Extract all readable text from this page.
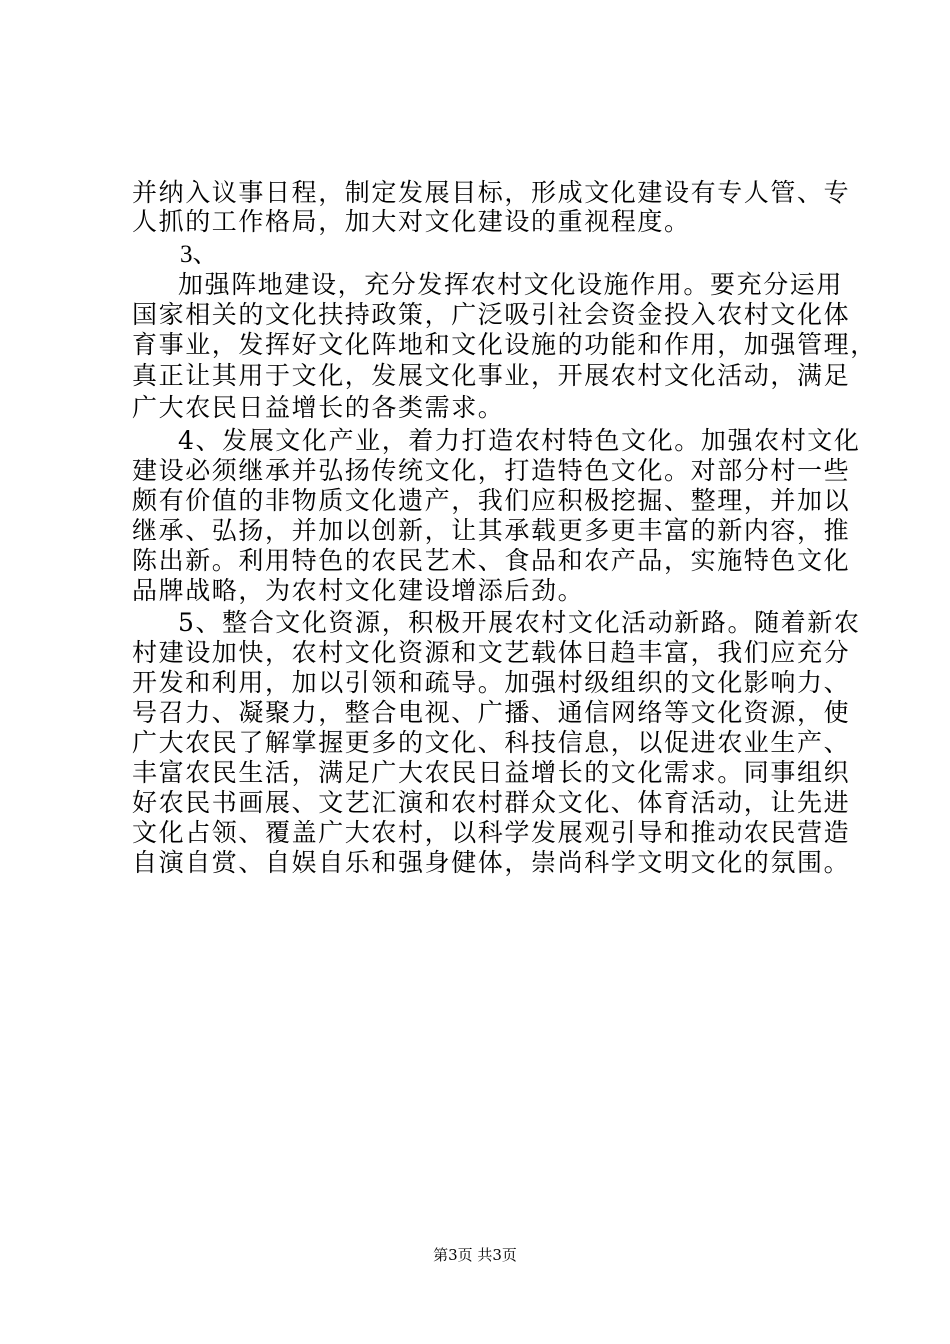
并纳入议事日程，制定发展目标，形成文化建设有专人管、专
人抓的工作格局，加大对文化建设的重视程度。
3、
加强阵地建设，充分发挥农村文化设施作用。要充分运用
国家相关的文化扶持政策，广泛吸引社会资金投入农村文化体
育事业，发挥好文化阵地和文化设施的功能和作用，加强管理，
真正让其用于文化，发展文化事业，开展农村文化活动，满足
广大农民日益增长的各类需求。
4、发展文化产业，着力打造农村特色文化。加强农村文化
建设必须继承并弘扬传统文化，打造特色文化。对部分村一些
颇有价值的非物质文化遗产，我们应积极挖掘、整理，并加以
继承、弘扬，并加以创新，让其承载更多更丰富的新内容，推
陈出新。利用特色的农民艺术、食品和农产品，实施特色文化
品牌战略，为农村文化建设增添后劲。
5、整合文化资源，积极开展农村文化活动新路。随着新农
村建设加快，农村文化资源和文艺载体日趋丰富，我们应充分
开发和利用，加以引领和疏导。加强村级组织的文化影响力、
号召力、凝聚力，整合电视、广播、通信网络等文化资源，使
广大农民了解掌握更多的文化、科技信息，以促进农业生产、
丰富农民生活，满足广大农民日益增长的文化需求。同事组织
好农民书画展、文艺汇演和农村群众文化、体育活动，让先进
文化占领、覆盖广大农村，以科学发展观引导和推动农民营造
自演自赏、自娱自乐和强身健体，崇尚科学文明文化的氛围。
第3页 共3页
